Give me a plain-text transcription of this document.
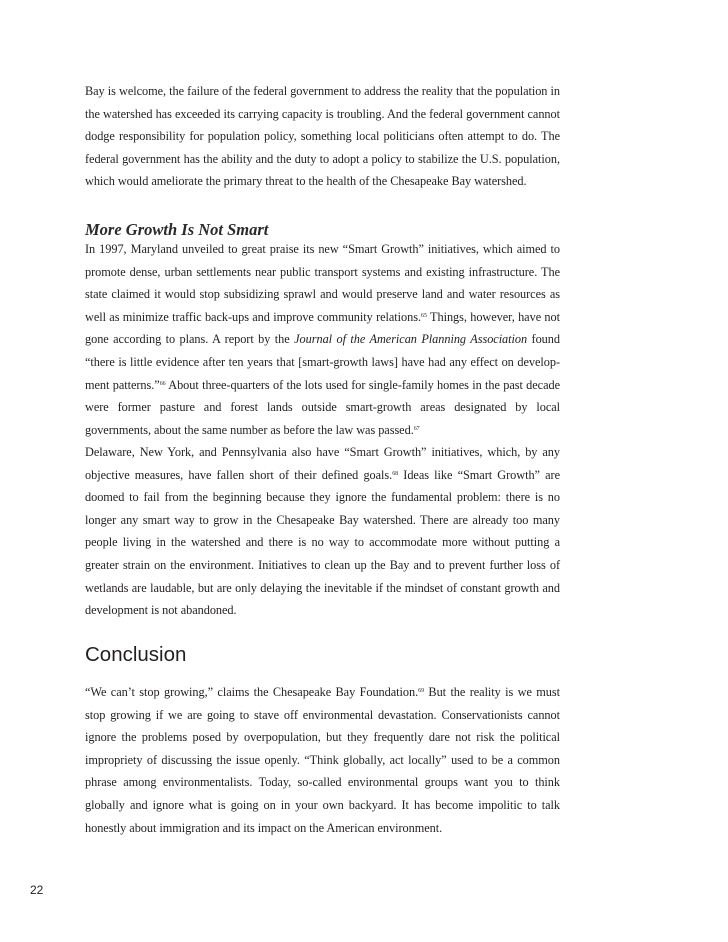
Bay is welcome, the failure of the federal government to address the reality that the population in the watershed has exceeded its carrying capacity is troubling. And the federal government cannot dodge responsibility for population policy, something local politicians often attempt to do. The federal government has the ability and the duty to adopt a policy to stabilize the U.S. population, which would ameliorate the primary threat to the health of the Chesapeake Bay watershed.

More Growth Is Not Smart

In 1997, Maryland unveiled to great praise its new “Smart Growth” initiatives, which aimed to promote dense, urban settlements near public transport systems and existing infrastructure. The state claimed it would stop subsidizing sprawl and would preserve land and water resources as well as minimize traffic back-ups and improve community relations.$^{65}$ Things, however, have not gone according to plans. A report by the Journal of the American Planning Association found “there is little evidence after ten years that [smart-growth laws] have had any effect on develop-ment patterns.”$^{66}$ About three-quarters of the lots used for single-family homes in the past decade were former pasture and forest lands outside smart-growth areas designated by local governments, about the same number as before the law was passed.$^{67}$

Delaware, New York, and Pennsylvania also have “Smart Growth” initiatives, which, by any objective measures, have fallen short of their defined goals.$^{68}$ Ideas like “Smart Growth” are doomed to fail from the beginning because they ignore the fundamental problem: there is no longer any smart way to grow in the Chesapeake Bay watershed. There are already too many people living in the watershed and there is no way to accommodate more without putting a greater strain on the environment. Initiatives to clean up the Bay and to prevent further loss of wetlands are laudable, but are only delaying the inevitable if the mindset of constant growth and development is not abandoned.

Conclusion

“We can’t stop growing,” claims the Chesapeake Bay Foundation.$^{69}$ But the reality is we must stop growing if we are going to stave off environmental devastation. Conservationists cannot ignore the problems posed by overpopulation, but they frequently dare not risk the political impropriety of discussing the issue openly. “Think globally, act locally” used to be a common phrase among environmentalists. Today, so-called environmental groups want you to think globally and ignore what is going on in your own backyard. It has become impolitic to talk honestly about immigration and its impact on the American environment.

22
